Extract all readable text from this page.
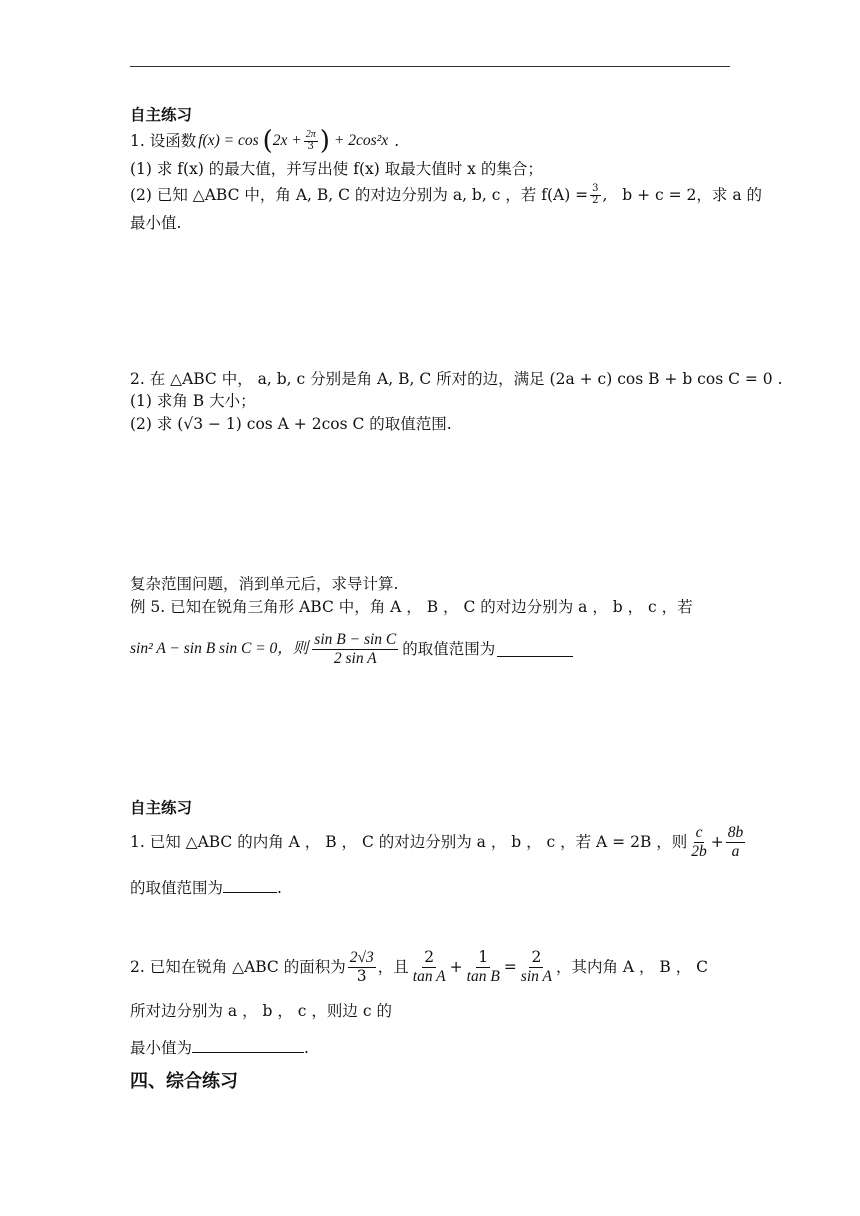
自主练习
1. 设函数 f(x) = cos ( $2x + \frac{2\pi}{3}$ ) + 2cos²x .
(1) 求 f(x) 的最大值，并写出使 f(x) 取最大值时 x 的集合；
(2) 已知 △ABC 中，角 A, B, C 的对边分别为 a, b, c ，若 $f(A) = \frac{3}{2}$ ,   b + c = 2，求 a 的
最小值.
2. 在 △ABC 中， a, b, c 分别是角 A, B, C 所对的边，满足 (2a + c) cos B + b cos C = 0 .
(1) 求角 B 大小；
(2) 求 (√3 − 1) cos A + 2cos C 的取值范围.
复杂范围问题，消到单元后，求导计算.
例 5. 已知在锐角三角形 ABC 中，角 A ， B ， C 的对边分别为 a ， b ， c ，若
sin² A − sin B sin C = 0，则 $\frac{\text{sin B − sin C}}{\text{2 sin A}}$ 的取值范围为
自主练习
1. 已知 △ABC 的内角 A ， B ， C 的对边分别为 a ， b ， c ，若 A = 2B ，则 $\frac{c}{2b} + \frac{8b}{a}$
的取值范围为	.
2. 已知在锐角 △ABC 的面积为 $\frac{2√3}{3}$ ，且 $\frac{2}{\text{tan A}} + \frac{1}{\text{tan B}} = \frac{2}{\text{sin A}}$ ，其内角 A ， B ， C
所对边分别为 a ， b ， c ，则边 c 的
最小值为	.
四、综合练习
